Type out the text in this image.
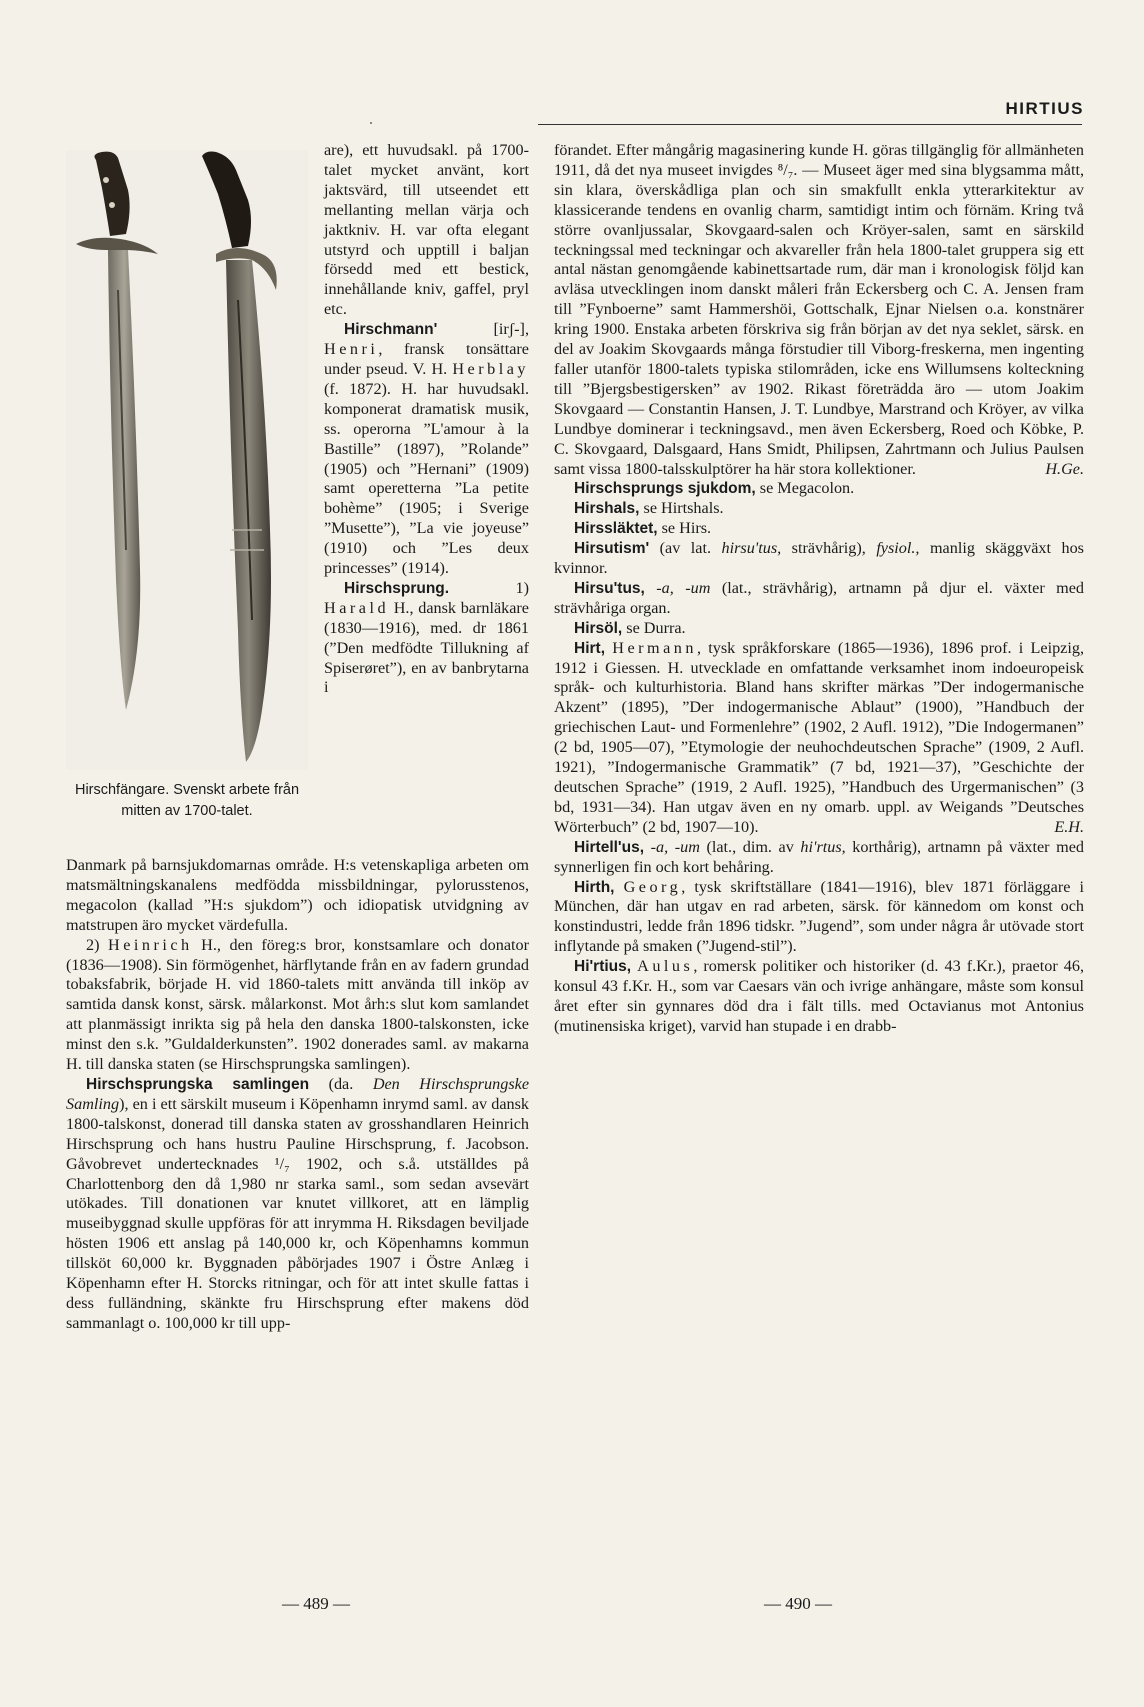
HIRTIUS
Hirschfängare. Svenskt arbete från mitten av 1700-talet.

are), ett huvudsakl. på 1700-talet mycket använt, kort jaktsvärd, till utseendet ett mellanting mellan värja och jaktkniv. H. var ofta elegant utstyrd och upptill i baljan försedd med ett bestick, innehållande kniv, gaffel, pryl etc.

Hirschmann' [irʃ-], Henri, fransk tonsättare under pseud. V. H. Herblay (f. 1872). H. har huvudsakl. komponerat dramatisk musik, ss. operorna ”L'amour à la Bastille” (1897), ”Rolande” (1905) och ”Hernani” (1909) samt operetterna ”La petite bohème” (1905; i Sverige ”Musette”), ”La vie joyeuse” (1910) och ”Les deux princesses” (1914).

Hirschsprung. 1) Harald H., dansk barnläkare (1830—1916), med. dr 1861 (”Den medfödte Tillukning af Spiserøret”), en av banbrytarna i

Danmark på barnsjukdomarnas område. H:s vetenskapliga arbeten om matsmältningskanalens medfödda missbildningar, pylorusstenos, megacolon (kallad ”H:s sjukdom”) och idiopatisk utvidgning av matstrupen äro mycket värdefulla.

2) Heinrich H., den föreg:s bror, konstsamlare och donator (1836—1908). Sin förmögenhet, härflytande från en av fadern grundad tobaksfabrik, började H. vid 1860-talets mitt använda till inköp av samtida dansk konst, särsk. målarkonst. Mot årh:s slut kom samlandet att planmässigt inrikta sig på hela den danska 1800-talskonsten, icke minst den s.k. ”Guldalderkunsten”. 1902 donerades saml. av makarna H. till danska staten (se Hirschsprungska samlingen).

Hirschsprungska samlingen (da. Den Hirschsprungske Samling), en i ett särskilt museum i Köpenhamn inrymd saml. av dansk 1800-talskonst, donerad till danska staten av grosshandlaren Heinrich Hirschsprung och hans hustru Pauline Hirschsprung, f. Jacobson. Gåvobrevet undertecknades ¹/₇ 1902, och s.å. utställdes på Charlottenborg den då 1,980 nr starka saml., som sedan avsevärt utökades. Till donationen var knutet villkoret, att en lämplig museibyggnad skulle uppföras för att inrymma H. Riksdagen beviljade hösten 1906 ett anslag på 140,000 kr, och Köpenhamns kommun tillsköt 60,000 kr. Byggnaden påbörjades 1907 i Östre Anlæg i Köpenhamn efter H. Storcks ritningar, och för att intet skulle fattas i dess fulländning, skänkte fru Hirschsprung efter makens död sammanlagt o. 100,000 kr till upp-

förandet. Efter mångårig magasinering kunde H. göras tillgänglig för allmänheten 1911, då det nya museet invigdes ⁸/₇. — Museet äger med sina blygsamma mått, sin klara, överskådliga plan och sin smakfullt enkla ytterarkitektur av klassicerande tendens en ovanlig charm, samtidigt intim och förnäm. Kring två större ovanljussalar, Skovgaard-salen och Kröyer-salen, samt en särskild teckningssal med teckningar och akvareller från hela 1800-talet gruppera sig ett antal nästan genomgående kabinettsartade rum, där man i kronologisk följd kan avläsa utvecklingen inom danskt måleri från Eckersberg och C. A. Jensen fram till ”Fynboerne” samt Hammershöi, Gottschalk, Ejnar Nielsen o.a. konstnärer kring 1900. Enstaka arbeten förskriva sig från början av det nya seklet, särsk. en del av Joakim Skovgaards många förstudier till Viborg-freskerna, men ingenting faller utanför 1800-talets typiska stilområden, icke ens Willumsens kolteckning till ”Bjergsbestigersken” av 1902. Rikast företrädda äro — utom Joakim Skovgaard — Constantin Hansen, J. T. Lundbye, Marstrand och Kröyer, av vilka Lundbye dominerar i teckningsavd., men även Eckersberg, Roed och Köbke, P. C. Skovgaard, Dalsgaard, Hans Smidt, Philipsen, Zahrtmann och Julius Paulsen samt vissa 1800-talsskulptörer ha här stora kollektioner.	H.Ge.

Hirschsprungs sjukdom, se Megacolon.

Hirshals, se Hirtshals.

Hirssläktet, se Hirs.

Hirsutism' (av lat. hirsu'tus, strävhårig), fysiol., manlig skäggväxt hos kvinnor.

Hirsu'tus, -a, -um (lat., strävhårig), artnamn på djur el. växter med strävhåriga organ.

Hirsöl, se Durra.

Hirt, Hermann, tysk språkforskare (1865—1936), 1896 prof. i Leipzig, 1912 i Giessen. H. utvecklade en omfattande verksamhet inom indoeuropeisk språk- och kulturhistoria. Bland hans skrifter märkas ”Der indogermanische Akzent” (1895), ”Der indogermanische Ablaut” (1900), ”Handbuch der griechischen Laut- und Formenlehre” (1902, 2 Aufl. 1912), ”Die Indogermanen” (2 bd, 1905—07), ”Etymologie der neuhochdeutschen Sprache” (1909, 2 Aufl. 1921), ”Indogermanische Grammatik” (7 bd, 1921—37), ”Geschichte der deutschen Sprache” (1919, 2 Aufl. 1925), ”Handbuch des Urgermanischen” (3 bd, 1931—34). Han utgav även en ny omarb. uppl. av Weigands ”Deutsches Wörterbuch” (2 bd, 1907—10).	E.H.

Hirtell'us, -a, -um (lat., dim. av hi'rtus, korthårig), artnamn på växter med synnerligen fin och kort behåring.

Hirth, Georg, tysk skriftställare (1841—1916), blev 1871 förläggare i München, där han utgav en rad arbeten, särsk. för kännedom om konst och konstindustri, ledde från 1896 tidskr. ”Jugend”, som under några år utövade stort inflytande på smaken (”Jugend-stil”).

Hi'rtius, Aulus, romersk politiker och historiker (d. 43 f.Kr.), praetor 46, konsul 43 f.Kr. H., som var Caesars vän och ivrige anhängare, måste som konsul året efter sin gynnares död dra i fält tills. med Octavianus mot Antonius (mutinensiska kriget), varvid han stupade i en drabb-

— 489 —	— 490 —
